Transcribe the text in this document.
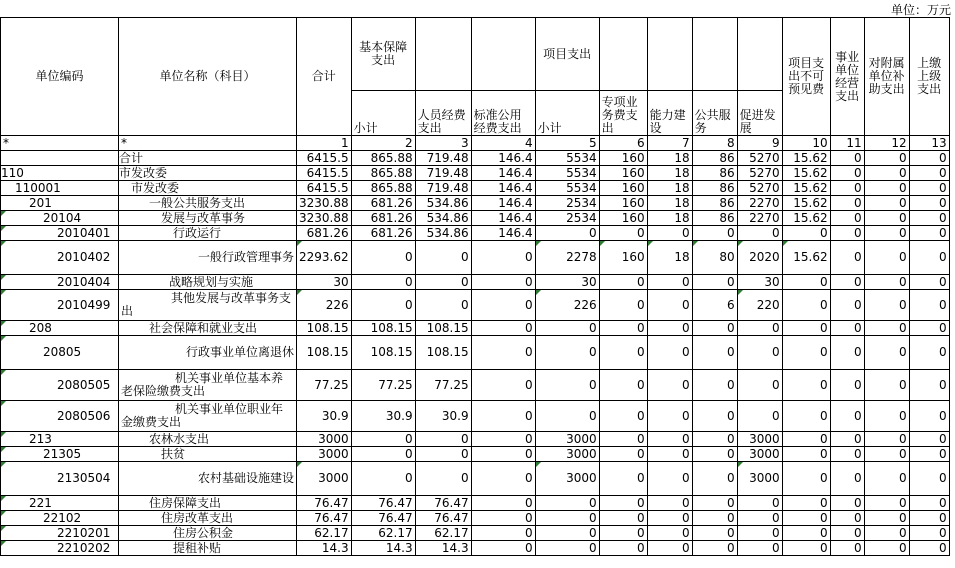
单位：万元
单位编码	单位名称（科目）	合计	基本保障支出			项目支出					项目支出不可预见费	事业单位经营支出	对附属单位补助支出	上缴上级支出
			小计	人员经费支出	标准公用经费支出	小计	专项业务费支出	能力建设	公共服务	促进发展				
*	*	1	2	3	4	5	6	7	8	9	10	11	12	13
	合计	6415.5	865.88	719.48	146.4	5534	160	18	86	5270	15.62	0	0	0
110	市发改委	6415.5	865.88	719.48	146.4	5534	160	18	86	5270	15.62	0	0	0
110001	市发改委	6415.5	865.88	719.48	146.4	5534	160	18	86	5270	15.62	0	0	0
201	一般公共服务支出	3230.88	681.26	534.86	146.4	2534	160	18	86	2270	15.62	0	0	0
20104	发展与改革事务	3230.88	681.26	534.86	146.4	2534	160	18	86	2270	15.62	0	0	0
2010401	行政运行	681.26	681.26	534.86	146.4	0	0	0	0	0	0	0	0	0
2010402	一般行政管理事务	2293.62	0	0	0	2278	160	18	80	2020	15.62	0	0	0
2010404	战略规划与实施	30	0	0	0	30	0	0	0	30	0	0	0	0
2010499	其他发展与改革事务支出	226	0	0	0	226	0	0	6	220	0	0	0	0
208	社会保障和就业支出	108.15	108.15	108.15	0	0	0	0	0	0	0	0	0	0
20805	行政事业单位离退休	108.15	108.15	108.15	0	0	0	0	0	0	0	0	0	0
2080505	机关事业单位基本养老保险缴费支出	77.25	77.25	77.25	0	0	0	0	0	0	0	0	0	0
2080506	机关事业单位职业年金缴费支出	30.9	30.9	30.9	0	0	0	0	0	0	0	0	0	0
213	农林水支出	3000	0	0	0	3000	0	0	0	3000	0	0	0	0
21305	扶贫	3000	0	0	0	3000	0	0	0	3000	0	0	0	0
2130504	农村基础设施建设	3000	0	0	0	3000	0	0	0	3000	0	0	0	0
221	住房保障支出	76.47	76.47	76.47	0	0	0	0	0	0	0	0	0	0
22102	住房改革支出	76.47	76.47	76.47	0	0	0	0	0	0	0	0	0	0
2210201	住房公积金	62.17	62.17	62.17	0	0	0	0	0	0	0	0	0	0
2210202	提租补贴	14.3	14.3	14.3	0	0	0	0	0	0	0	0	0	0
